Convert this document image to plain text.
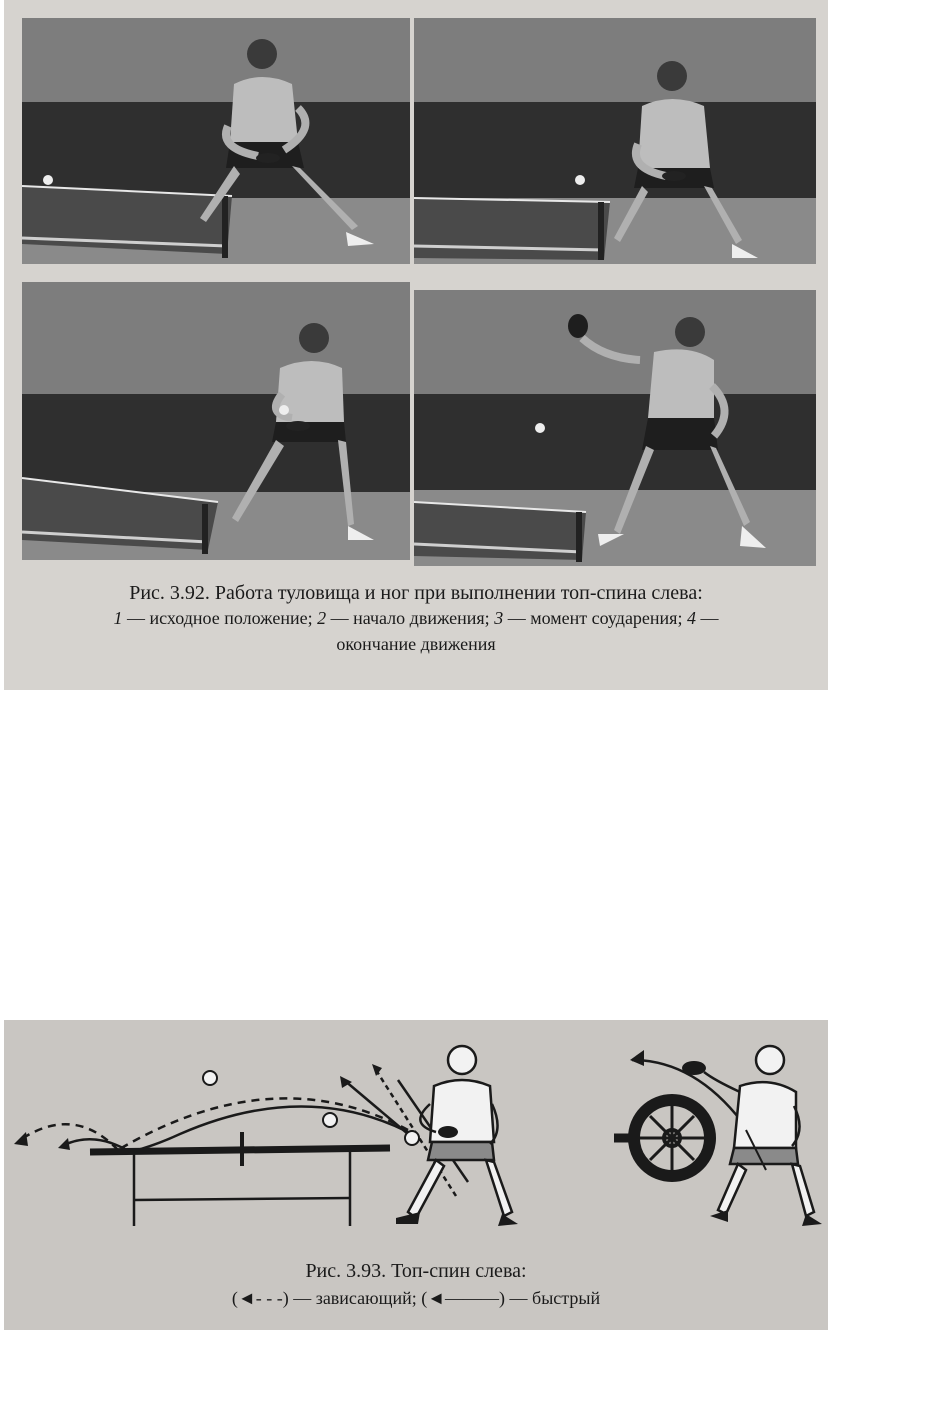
Рис. 3.92. Работа туловища и ног при выполнении топ-спина слева:
1 — исходное положение; 2 — начало движения; 3 — момент соударения; 4 —
окончание движения
Рис. 3.93. Топ-спин слева:
(◄- - -) — зависающий; (◄———) — быстрый
